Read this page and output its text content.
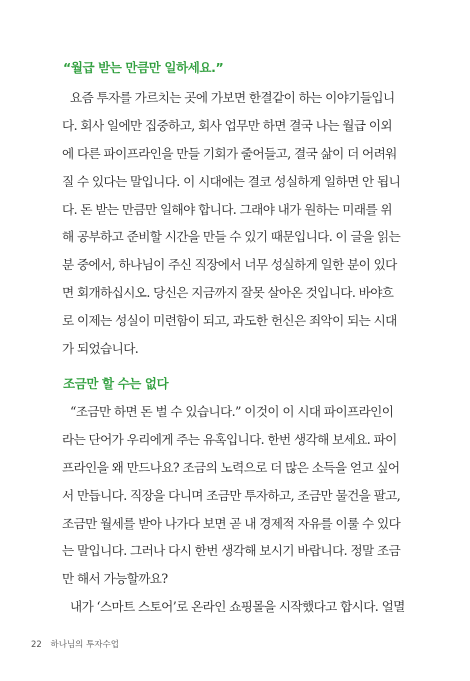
“월급 받는 만큼만 일하세요.”
요즘 투자를 가르치는 곳에 가보면 한결같이 하는 이야기들입니
다. 회사 일에만 집중하고, 회사 업무만 하면 결국 나는 월급 이외
에 다른 파이프라인을 만들 기회가 줄어들고, 결국 삶이 더 어려워
질 수 있다는 말입니다. 이 시대에는 결코 성실하게 일하면 안 됩니
다. 돈 받는 만큼만 일해야 합니다. 그래야 내가 원하는 미래를 위
해 공부하고 준비할 시간을 만들 수 있기 때문입니다. 이 글을 읽는
분 중에서, 하나님이 주신 직장에서 너무 성실하게 일한 분이 있다
면 회개하십시오. 당신은 지금까지 잘못 살아온 것입니다. 바야흐
로 이제는 성실이 미련함이 되고, 과도한 헌신은 죄악이 되는 시대
가 되었습니다.
조금만 할 수는 없다
“조금만 하면 돈 벌 수 있습니다.” 이것이 이 시대 파이프라인이
라는 단어가 우리에게 주는 유혹입니다. 한번 생각해 보세요. 파이
프라인을 왜 만드나요? 조금의 노력으로 더 많은 소득을 얻고 싶어
서 만듭니다. 직장을 다니며 조금만 투자하고, 조금만 물건을 팔고,
조금만 월세를 받아 나가다 보면 곧 내 경제적 자유를 이룰 수 있다
는 말입니다. 그러나 다시 한번 생각해 보시기 바랍니다. 정말 조금
만 해서 가능할까요?
내가 ‘스마트 스토어’로 온라인 쇼핑몰을 시작했다고 합시다. 얼멸
22 하나님의 투자수업
